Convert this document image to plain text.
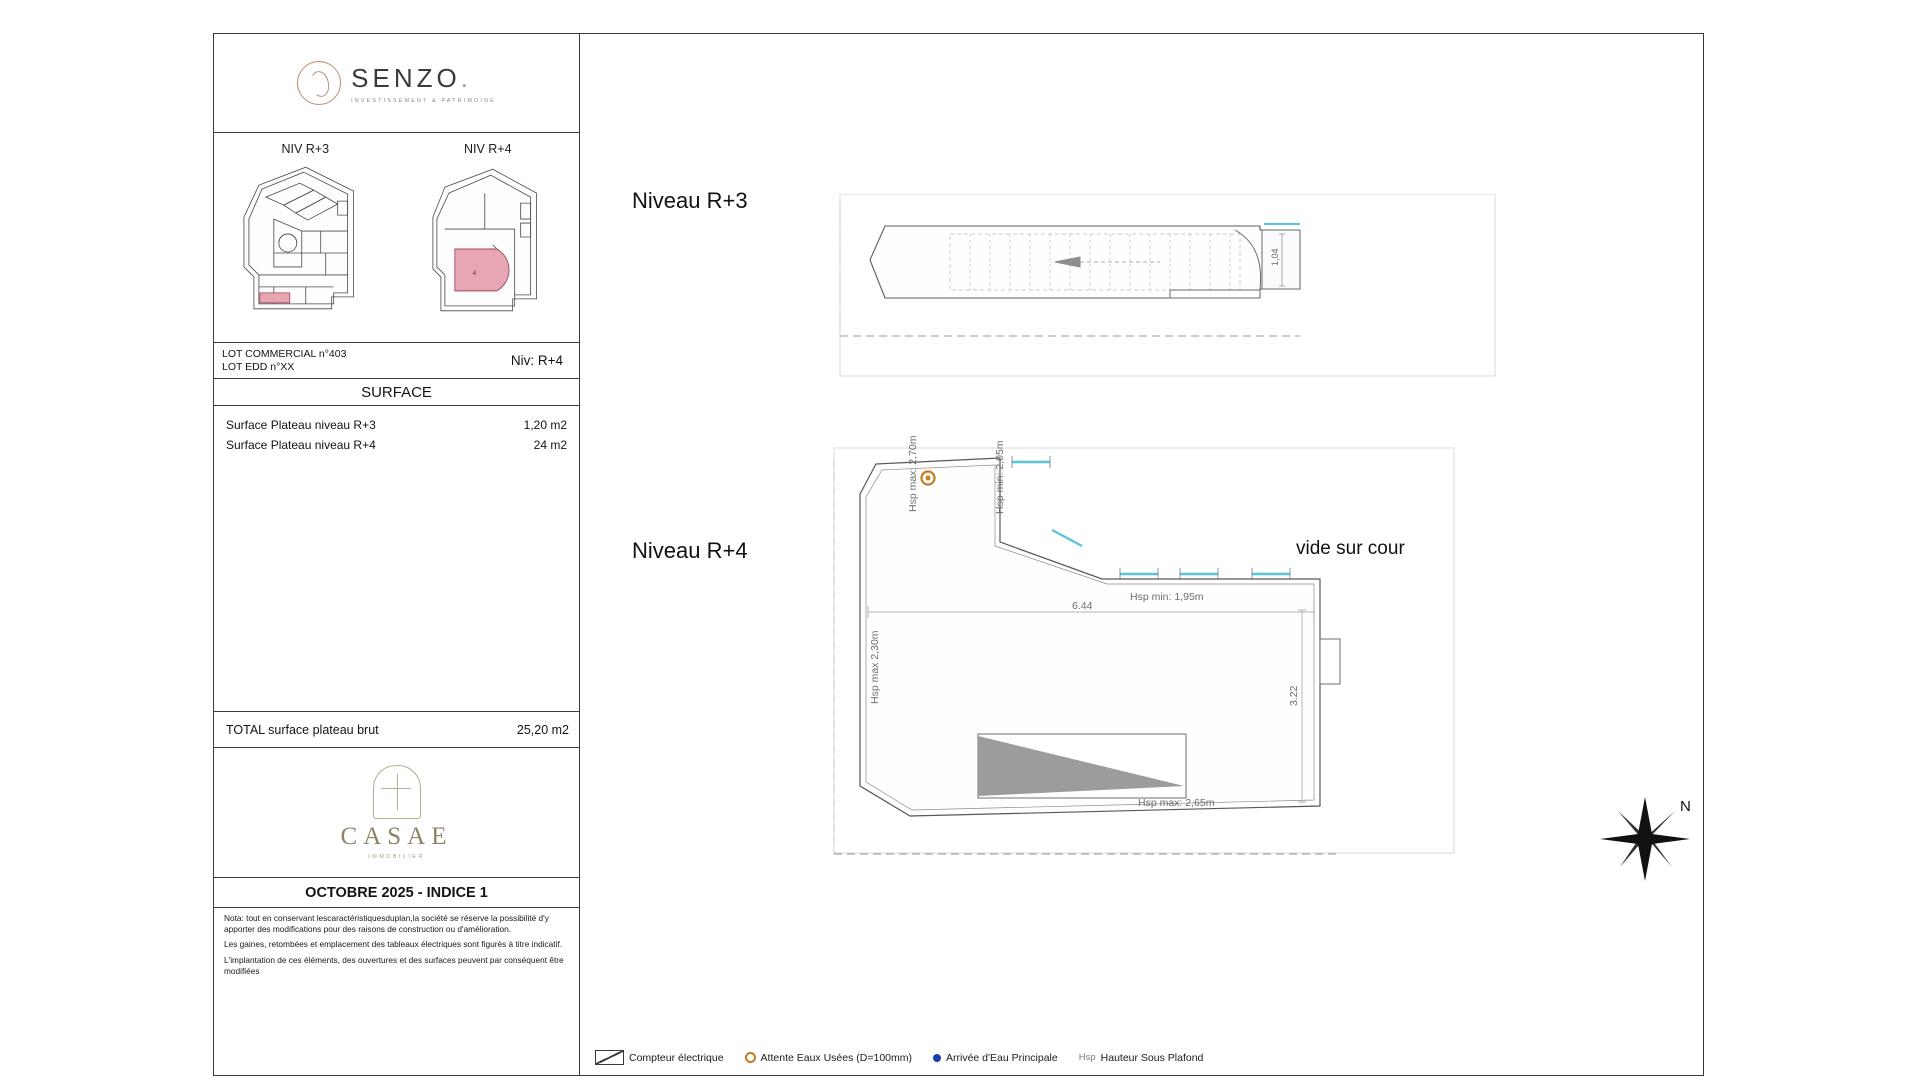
SENZO.
INVESTISSEMENT & PATRIMOINE
NIV R+3	NIV R+4
4
LOT COMMERCIAL n°403
LOT EDD n°XX	Niv: R+4
SURFACE
Surface Plateau niveau R+3	1,20 m2
Surface Plateau niveau R+4	24 m2
TOTAL surface plateau brut	25,20 m2
CASAE
IMMOBILIER
OCTOBRE 2025 - INDICE 1

Nota: tout en conservant lescaractéristiquesduplan,la société se réserve la possibilité d'y apporter des modifications pour des raisons de construction ou d'amélioration.

Les gaines, retombées et emplacement des tableaux électriques sont figurés à titre indicatif.

L'implantation de ces éléments, des ouvertures et des surfaces peuvent par conséquent être modifiées

Niveau R+3
Niveau R+4	vide sur cour
1,04
Hsp max: 2,70m	Hsp min: 2,05m
Hsp min: 1,95m
6.44
Hsp max 2,30m	3.22
Hsp max: 2,65m	N
Compteur électrique	Attente Eaux Usées (D=100mm)	Arrivée d'Eau Principale Hsp Hauteur Sous Plafond
